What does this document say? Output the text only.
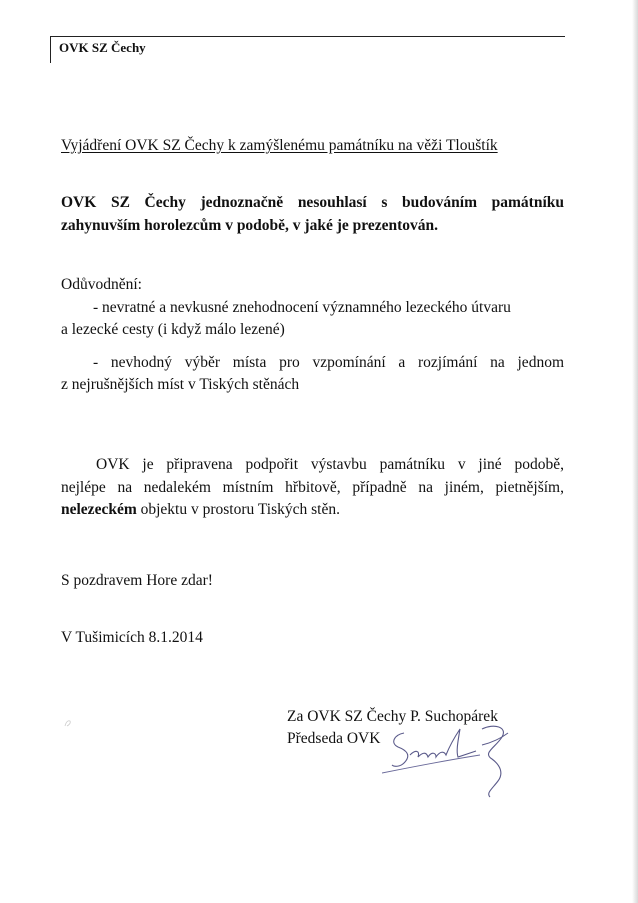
OVK SZ Čechy

Vyjádření OVK SZ Čechy k zamýšlenému památníku na věži Tlouštík

OVK SZ Čechy jednoznačně nesouhlasí s budováním památníku

zahynuvším horolezcům v podobě, v jaké je prezentován.

Odůvodnění:

- nevratné a nevkusné znehodnocení významného lezeckého útvaru

a lezecké cesty (i když málo lezené)

- nevhodný výběr místa pro vzpomínání a rozjímání na jednom

z nejrušnějších míst v Tiských stěnách

OVK je připravena podpořit výstavbu památníku v jiné podobě,

nejlépe na nedalekém místním hřbitově, případně na jiném, pietnějším,

nelezeckém objektu v prostoru Tiských stěn.

S pozdravem Hore zdar!

V Tušimicích 8.1.2014

Za OVK SZ Čechy P. Suchopárek

Předseda OVK
